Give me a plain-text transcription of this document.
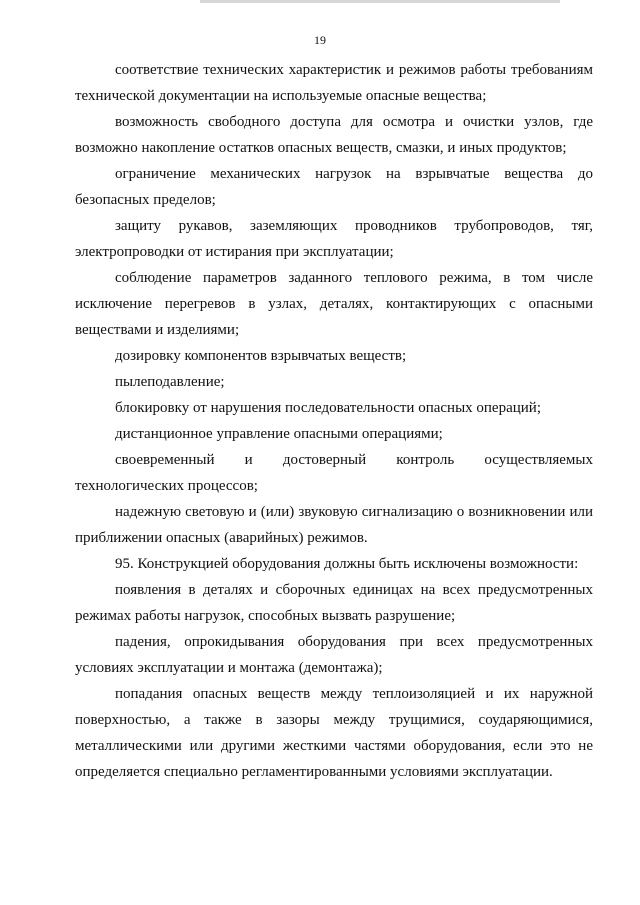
19

соответствие технических характеристик и режимов работы требованиям технической документации на используемые опасные вещества;

возможность свободного доступа для осмотра и очистки узлов, где возможно накопление остатков опасных веществ, смазки, и иных продуктов;

ограничение механических нагрузок на взрывчатые вещества до безопасных пределов;

защиту рукавов, заземляющих проводников трубопроводов, тяг, электропроводки от истирания при эксплуатации;

соблюдение параметров заданного теплового режима, в том числе исключение перегревов в узлах, деталях, контактирующих с опасными веществами и изделиями;

дозировку компонентов взрывчатых веществ;

пылеподавление;

блокировку от нарушения последовательности опасных операций;

дистанционное управление опасными операциями;

своевременный и достоверный контроль осуществляемых технологических процессов;

надежную световую и (или) звуковую сигнализацию о возникновении или приближении опасных (аварийных) режимов.

95. Конструкцией оборудования должны быть исключены возможности:

появления в деталях и сборочных единицах на всех предусмотренных режимах работы нагрузок, способных вызвать разрушение;

падения, опрокидывания оборудования при всех предусмотренных условиях эксплуатации и монтажа (демонтажа);

попадания опасных веществ между теплоизоляцией и их наружной поверхностью, а также в зазоры между трущимися, соударяющимися, металлическими или другими жесткими частями оборудования, если это не определяется специально регламентированными условиями эксплуатации.
